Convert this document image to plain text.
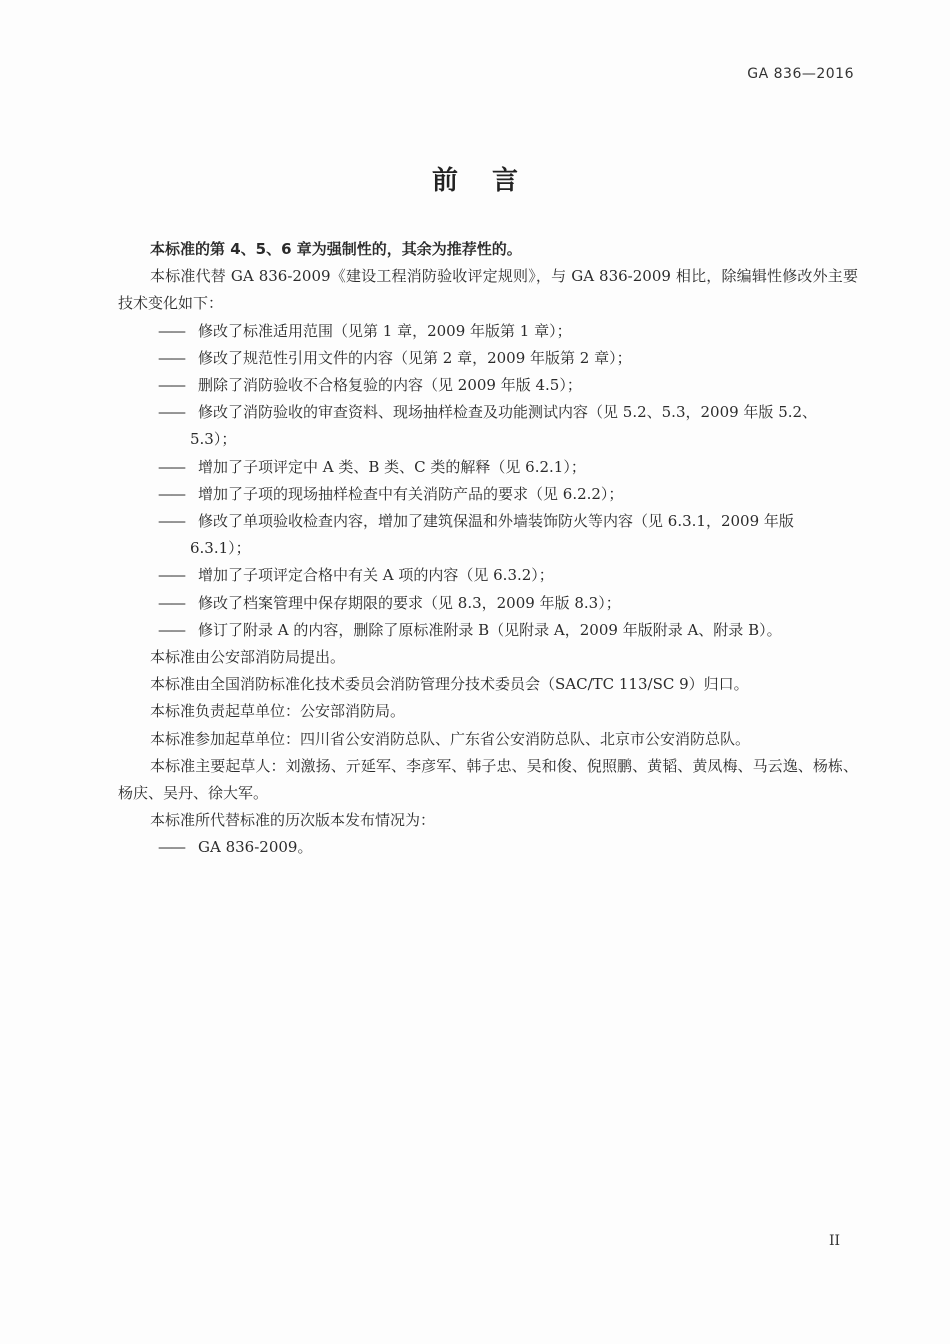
GA 836—2016
前言

本标准的第 4、5、6 章为强制性的，其余为推荐性的。

本标准代替 GA 836-2009《建设工程消防验收评定规则》，与 GA 836-2009 相比，除编辑性修改外主要技术变化如下：

—— 修改了标准适用范围（见第 1 章，2009 年版第 1 章）；

—— 修改了规范性引用文件的内容（见第 2 章，2009 年版第 2 章）；

—— 删除了消防验收不合格复验的内容（见 2009 年版 4.5）；

—— 修改了消防验收的审查资料、现场抽样检查及功能测试内容（见 5.2、5.3，2009 年版 5.2、5.3）；

—— 增加了子项评定中 A 类、B 类、C 类的解释（见 6.2.1）；

—— 增加了子项的现场抽样检查中有关消防产品的要求（见 6.2.2）；

—— 修改了单项验收检查内容，增加了建筑保温和外墙装饰防火等内容（见 6.3.1，2009 年版 6.3.1）；

—— 增加了子项评定合格中有关 A 项的内容（见 6.3.2）；

—— 修改了档案管理中保存期限的要求（见 8.3，2009 年版 8.3）；

—— 修订了附录 A 的内容，删除了原标准附录 B（见附录 A，2009 年版附录 A、附录 B）。

本标准由公安部消防局提出。

本标准由全国消防标准化技术委员会消防管理分技术委员会（SAC/TC 113/SC 9）归口。

本标准负责起草单位：公安部消防局。

本标准参加起草单位：四川省公安消防总队、广东省公安消防总队、北京市公安消防总队。

本标准主要起草人：刘激扬、亓延军、李彦军、韩子忠、吴和俊、倪照鹏、黄韬、黄凤梅、马云逸、杨栋、杨庆、吴丹、徐大军。

本标准所代替标准的历次版本发布情况为：

—— GA 836-2009。

II
